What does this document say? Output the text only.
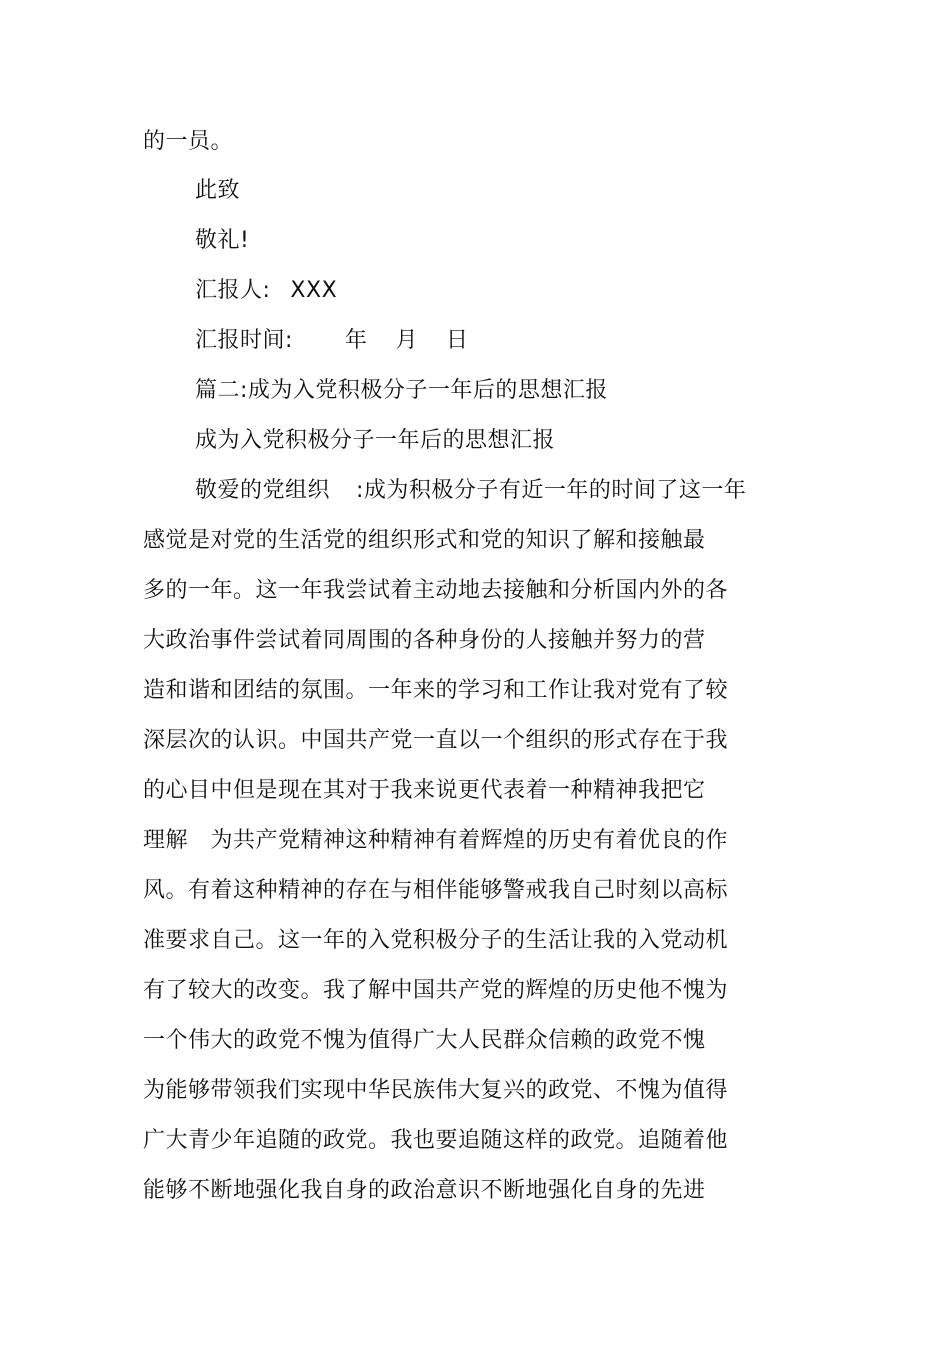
的一员。
此致
敬礼!
汇报人: XXX
汇报时间: 年 月 日
篇二:成为入党积极分子一年后的思想汇报
成为入党积极分子一年后的思想汇报
敬爱的党组织 :成为积极分子有近一年的时间了这一年
感觉是对党的生活党的组织形式和党的知识了解和接触最
多的一年。这一年我尝试着主动地去接触和分析国内外的各
大政治事件尝试着同周围的各种身份的人接触并努力的营
造和谐和团结的氛围。一年来的学习和工作让我对党有了较
深层次的认识。中国共产党一直以一个组织的形式存在于我
的心目中但是现在其对于我来说更代表着一种精神我把它
理解　为共产党精神这种精神有着辉煌的历史有着优良的作
风。有着这种精神的存在与相伴能够警戒我自己时刻以高标
准要求自己。这一年的入党积极分子的生活让我的入党动机
有了较大的改变。我了解中国共产党的辉煌的历史他不愧为
一个伟大的政党不愧为值得广大人民群众信赖的政党不愧
为能够带领我们实现中华民族伟大复兴的政党、不愧为值得
广大青少年追随的政党。我也要追随这样的政党。追随着他
能够不断地强化我自身的政治意识不断地强化自身的先进
